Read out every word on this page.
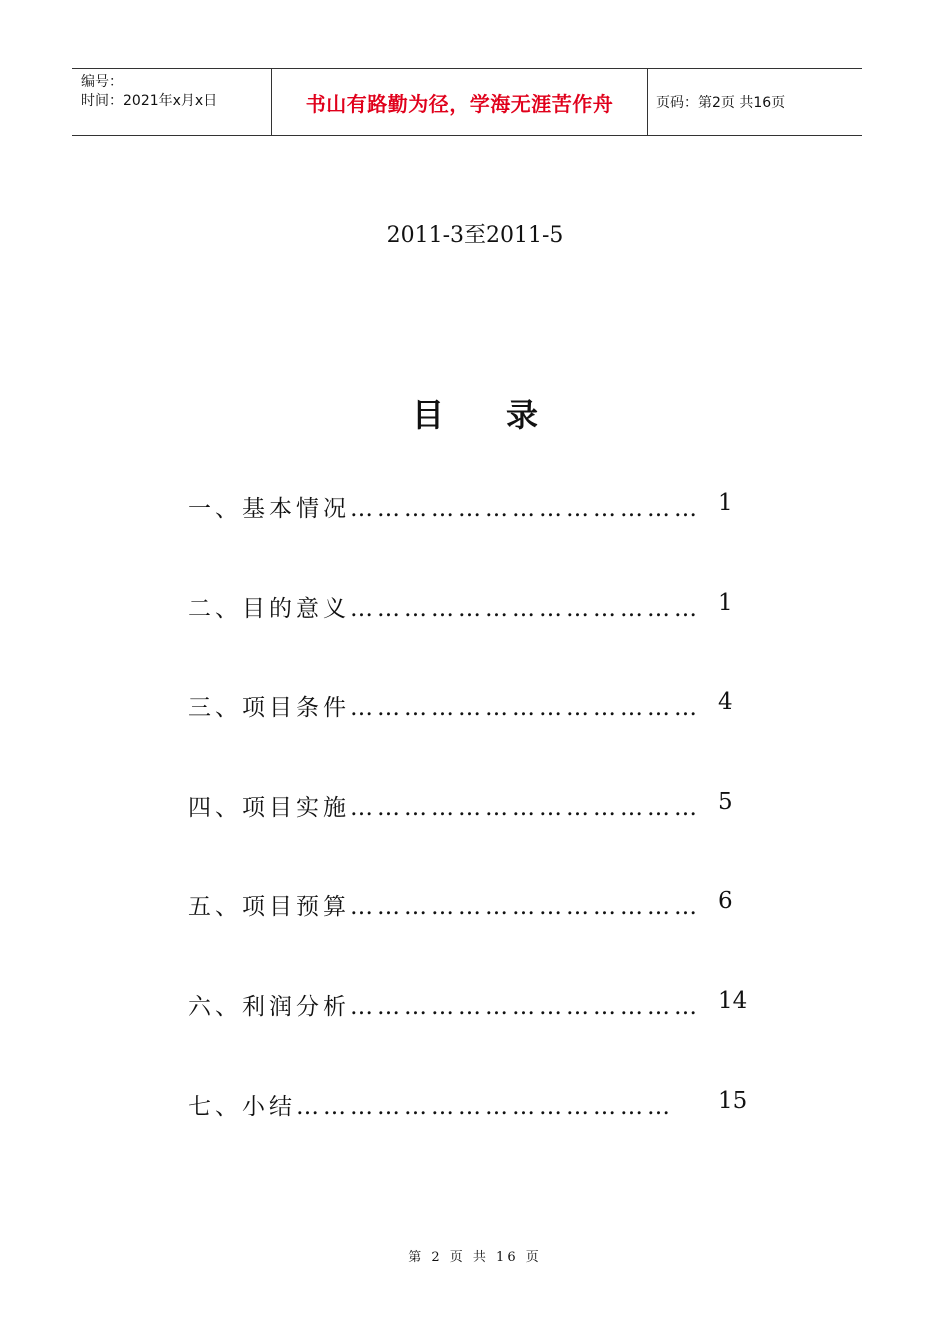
编号：
时间：2021年x月x日	书山有路勤为径，学海无涯苦作舟	页码：第2页 共16页
2011-3至2011-5
目录
一、基本情况………………………………… 1
二、目的意义………………………………… 1
三、项目条件………………………………… 4
四、项目实施………………………………… 5
五、项目预算………………………………… 6
六、利润分析………………………………… 14
七、小结…………………………………… 15
第 2 页 共 16 页
